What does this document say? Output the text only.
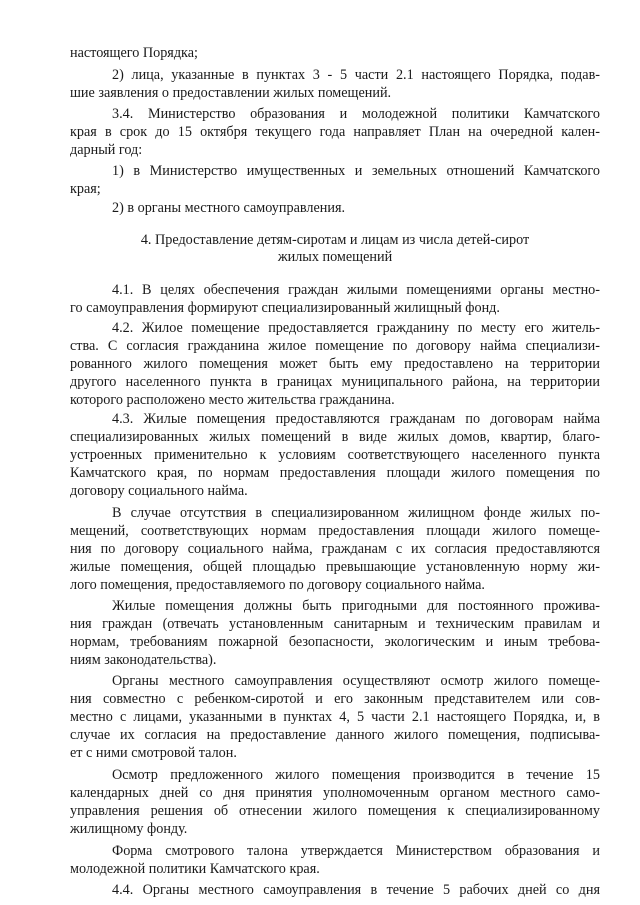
настоящего Порядка;
2) лица, указанные в пунктах 3 - 5 части 2.1 настоящего Порядка, подав-
шие заявления о предоставлении жилых помещений.
3.4. Министерство образования и молодежной политики Камчатского
края в срок до 15 октября текущего года направляет План на очередной кален-
дарный год:
1) в Министерство имущественных и земельных отношений Камчатского
края;
2) в органы местного самоуправления.
4. Предоставление детям-сиротам и лицам из числа детей-сирот
жилых помещений
4.1. В целях обеспечения граждан жилыми помещениями органы местно-
го самоуправления формируют специализированный жилищный фонд.
4.2. Жилое помещение предоставляется гражданину по месту его житель-
ства. С согласия гражданина жилое помещение по договору найма специализи-
рованного жилого помещения может быть ему предоставлено на территории
другого населенного пункта в границах муниципального района, на территории
которого расположено место жительства гражданина.
4.3. Жилые помещения предоставляются гражданам по договорам найма
специализированных жилых помещений в виде жилых домов, квартир, благо-
устроенных применительно к условиям соответствующего населенного пункта
Камчатского края, по нормам предоставления площади жилого помещения по
договору социального найма.
В случае отсутствия в специализированном жилищном фонде жилых по-
мещений, соответствующих нормам предоставления площади жилого помеще-
ния по договору социального найма, гражданам с их согласия предоставляются
жилые помещения, общей площадью превышающие установленную норму жи-
лого помещения, предоставляемого по договору социального найма.
Жилые помещения должны быть пригодными для постоянного прожива-
ния граждан (отвечать установленным санитарным и техническим правилам и
нормам, требованиям пожарной безопасности, экологическим и иным требова-
ниям законодательства).
Органы местного самоуправления осуществляют осмотр жилого помеще-
ния совместно с ребенком-сиротой и его законным представителем или сов-
местно с лицами, указанными в пунктах 4, 5 части 2.1 настоящего Порядка, и, в
случае их согласия на предоставление данного жилого помещения, подписыва-
ет с ними смотровой талон.
Осмотр предложенного жилого помещения производится в течение 15
календарных дней со дня принятия уполномоченным органом местного само-
управления решения об отнесении жилого помещения к специализированному
жилищному фонду.
Форма смотрового талона утверждается Министерством образования и
молодежной политики Камчатского края.
4.4. Органы местного самоуправления в течение 5 рабочих дней со дня
